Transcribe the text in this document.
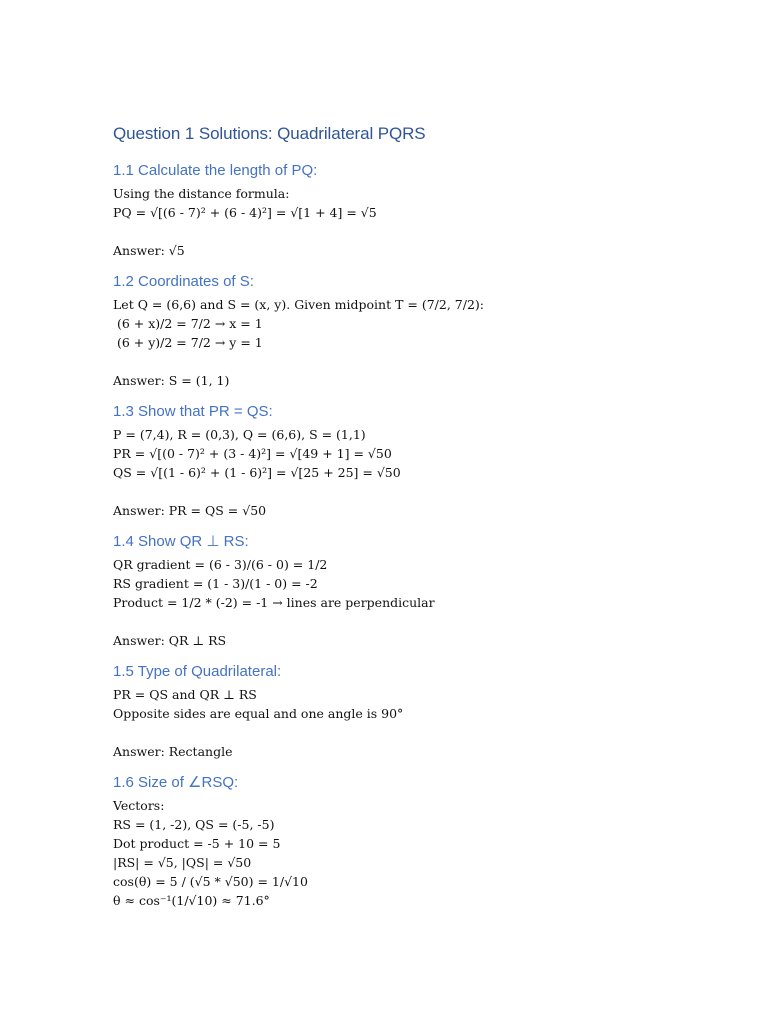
Question 1 Solutions: Quadrilateral PQRS
1.1 Calculate the length of PQ:
Using the distance formula:
PQ = √[(6 - 7)² + (6 - 4)²] = √[1 + 4] = √5
Answer: √5
1.2 Coordinates of S:
Let Q = (6,6) and S = (x, y). Given midpoint T = (7/2, 7/2):
(6 + x)/2 = 7/2 → x = 1
(6 + y)/2 = 7/2 → y = 1
Answer: S = (1, 1)
1.3 Show that PR = QS:
P = (7,4), R = (0,3), Q = (6,6), S = (1,1)
PR = √[(0 - 7)² + (3 - 4)²] = √[49 + 1] = √50
QS = √[(1 - 6)² + (1 - 6)²] = √[25 + 25] = √50
Answer: PR = QS = √50
1.4 Show QR ⊥ RS:
QR gradient = (6 - 3)/(6 - 0) = 1/2
RS gradient = (1 - 3)/(1 - 0) = -2
Product = 1/2 * (-2) = -1 → lines are perpendicular
Answer: QR ⊥ RS
1.5 Type of Quadrilateral:
PR = QS and QR ⊥ RS
Opposite sides are equal and one angle is 90°
Answer: Rectangle
1.6 Size of ∠RSQ:
Vectors:
RS = (1, -2), QS = (-5, -5)
Dot product = -5 + 10 = 5
|RS| = √5, |QS| = √50
cos(θ) = 5 / (√5 * √50) = 1/√10
θ ≈ cos⁻¹(1/√10) ≈ 71.6°
